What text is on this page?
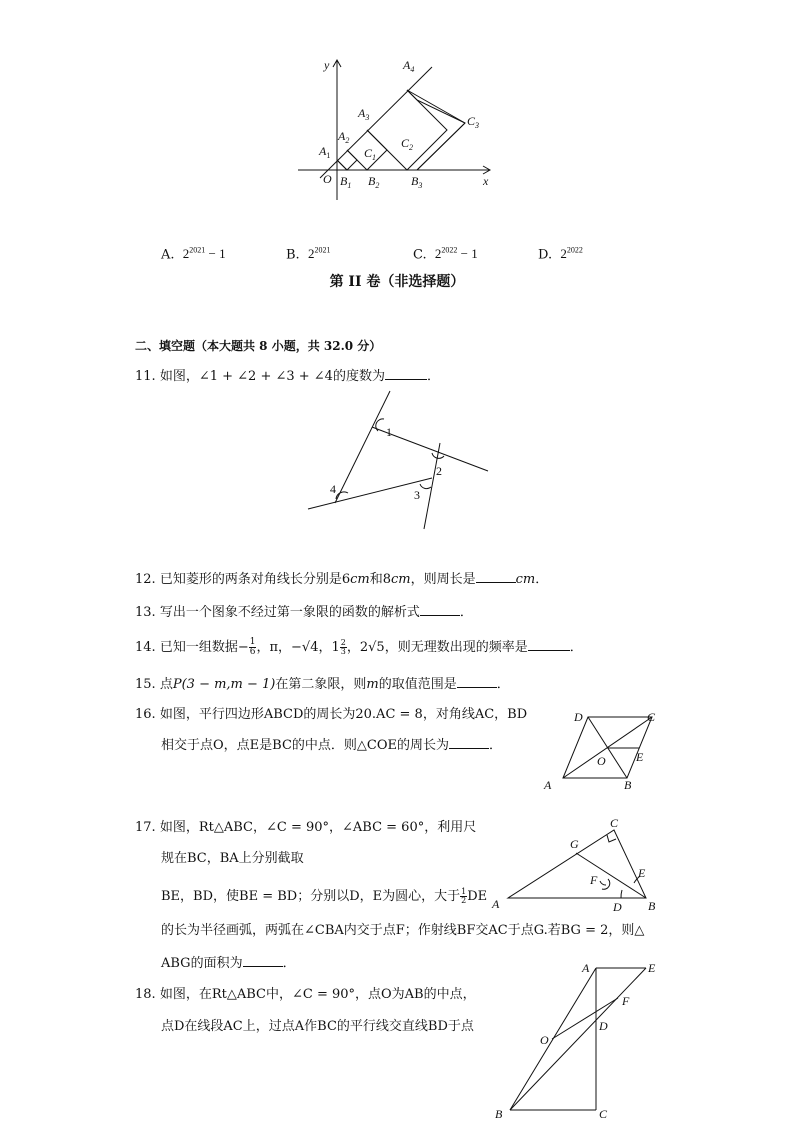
y
x
O
$A_1$
$A_2$
$A_3$
$A_4$
$B_1$ $B_2$	$B_3$
$C_1$
$C_2$
$C_3$
A. $2^{2021} - 1$	B. $2^{2021}$	C. $2^{2022} - 1$	D. $2^{2022}$
第 II 卷（非选择题）
二、填空题（本大题共 8 小题，共 32.0 分）
11. 如图，∠1 + ∠2 + ∠3 + ∠4的度数为	．
1
2
3
4
12. 已知菱形的两条对角线长分别是6cm和8cm，则周长是	cm．
13. 写出一个图象不经过第一象限的函数的解析式	．
14. 已知一组数据− $\frac{1}{6}$ ，π，−√4，$1 \frac{2}{3}$ ，2√5，则无理数出现的频率是	．
15. 点P(3 − m,m − 1)在第二象限，则m的取值范围是	．
16. 如图，平行四边形ABCD的周长为20.AC = 8，对角线AC，BD
相交于点O，点E是BC的中点．则△COE的周长为	．
A	B
C
D
E
O
17. 如图，Rt△ABC，∠C = 90°，∠ABC = 60°，利用尺
规在BC，BA上分别截取
BE，BD，使BE = BD；分别以D，E为圆心，大于 $\frac{1}{2}$ DE
的长为半径画弧，两弧在∠CBA内交于点F；作射线BF交AC于点G.若BG = 2，则△
ABG的面积为	．
A	B
C
D
E
F
G
18. 如图，在Rt△ABC中，∠C = 90°，点O为AB的中点，
点D在线段AC上，过点A作BC的平行线交直线BD于点
A	E
F
D
O
B	C
